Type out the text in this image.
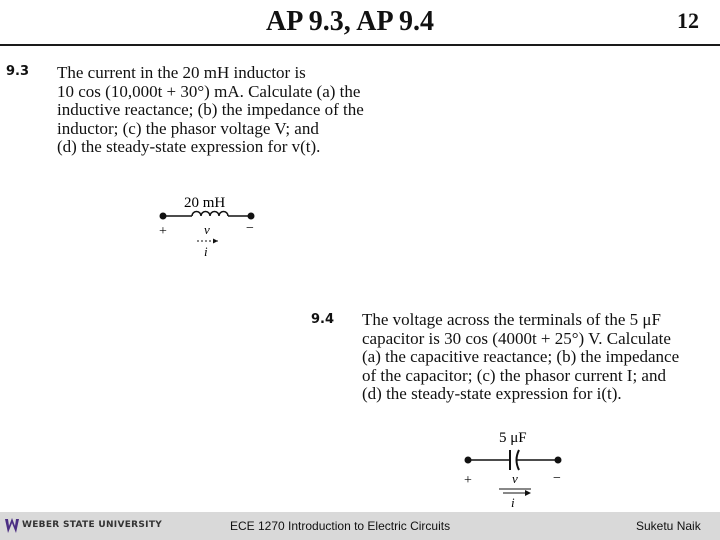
AP 9.3, AP 9.4	12
9.3 The current in the 20 mH inductor is
10 cos (10,000t + 30°) mA. Calculate (a) the
inductive reactance; (b) the impedance of the
inductor; (c) the phasor voltage V; and
(d) the steady-state expression for v(t).

20 mH
+	−
v
i
9.4 The voltage across the terminals of the 5 μF
capacitor is 30 cos (4000t + 25°) V. Calculate
(a) the capacitive reactance; (b) the impedance
of the capacitor; (c) the phasor current I; and
(d) the steady-state expression for i(t).

5 μF
+	−
v
i
WEBER STATE UNIVERSITY	ECE 1270 Introduction to Electric Circuits	Suketu Naik
